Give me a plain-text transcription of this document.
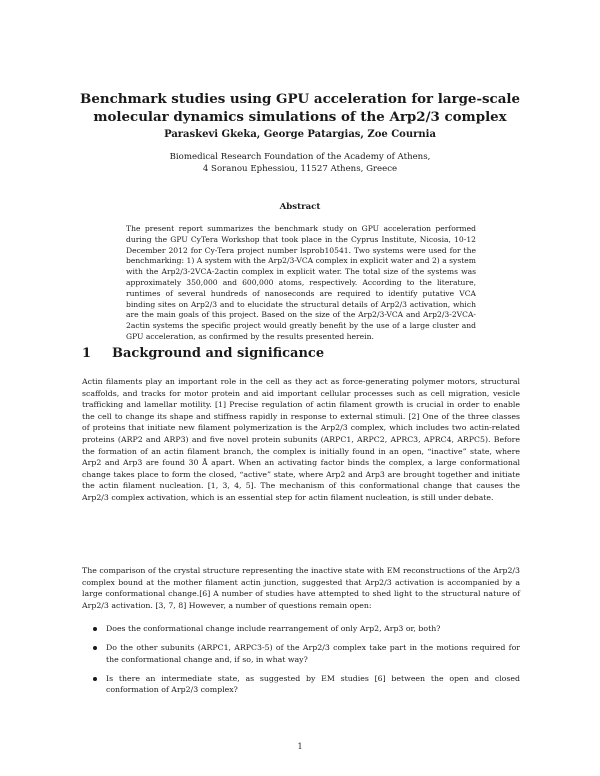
Benchmark studies using GPU acceleration for large-scale molecular dynamics simulations of the Arp2/3 complex
Paraskevi Gkeka, George Patargias, Zoe Cournia
Biomedical Research Foundation of the Academy of Athens,
4 Soranou Ephessiou, 11527 Athens, Greece
Abstract
The present report summarizes the benchmark study on GPU acceleration performed during the GPU CyTera Workshop that took place in the Cyprus Institute, Nicosia, 10-12 December 2012 for Cy-Tera project number lsprob10541. Two systems were used for the benchmarking: 1) A system with the Arp2/3-VCA complex in explicit water and 2) a system with the Arp2/3-2VCA-2actin complex in explicit water. The total size of the systems was approximately 350,000 and 600,000 atoms, respectively. According to the literature, runtimes of several hundreds of nanoseconds are required to identify putative VCA binding sites on Arp2/3 and to elucidate the structural details of Arp2/3 activation, which are the main goals of this project. Based on the size of the Arp2/3-VCA and Arp2/3-2VCA-2actin systems the specific project would greatly benefit by the use of a large cluster and GPU acceleration, as confirmed by the results presented herein.
1 Background and significance
Actin filaments play an important role in the cell as they act as force-generating polymer motors, structural scaffolds, and tracks for motor protein and aid important cellular processes such as cell migration, vesicle trafficking and lamellar motility. [1] Precise regulation of actin filament growth is crucial in order to enable the cell to change its shape and stiffness rapidly in response to external stimuli. [2] One of the three classes of proteins that initiate new filament polymerization is the Arp2/3 complex, which includes two actin-related proteins (ARP2 and ARP3) and five novel protein subunits (ARPC1, ARPC2, APRC3, APRC4, ARPC5). Before the formation of an actin filament branch, the complex is initially found in an open, “inactive” state, where Arp2 and Arp3 are found 30 Å apart. When an activating factor binds the complex, a large conformational change takes place to form the closed, “active” state, where Arp2 and Arp3 are brought together and initiate the actin filament nucleation. [1, 3, 4, 5]. The mechanism of this conformational change that causes the Arp2/3 complex activation, which is an essential step for actin filament nucleation, is still under debate.
The comparison of the crystal structure representing the inactive state with EM reconstructions of the Arp2/3 complex bound at the mother filament actin junction, suggested that Arp2/3 activation is accompanied by a large conformational change.[6] A number of studies have attempted to shed light to the structural nature of Arp2/3 activation. [3, 7, 8] However, a number of questions remain open:
Does the conformational change include rearrangement of only Arp2, Arp3 or, both?
Do the other subunits (ARPC1, ARPC3-5) of the Arp2/3 complex take part in the motions required for the conformational change and, if so, in what way?
Is there an intermediate state, as suggested by EM studies [6] between the open and closed conformation of Arp2/3 complex?
1
